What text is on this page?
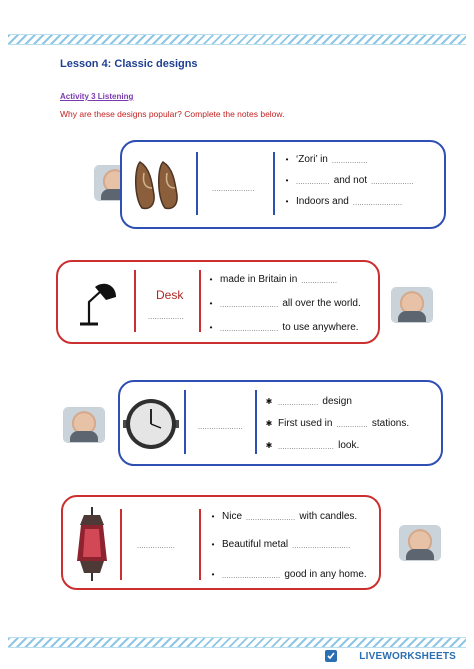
Lesson 4: Classic designs
Activity 3 Listening
Why are these designs popular? Complete the notes below.
...................
• ‘Zori’ in ................
•	............... and not ...................
• Indoors and ......................
Desk
................
• made in Britain in ................
•	.......................... all over the world.
•	.......................... to use anywhere.
....................
✱ .................. design
✱ First used in .............. stations.
✱ ......................... look.
.................
• Nice ...................... with candles.
• Beautiful metal ..........................
•	.......................... good in any home.
LIVEWORKSHEETS
